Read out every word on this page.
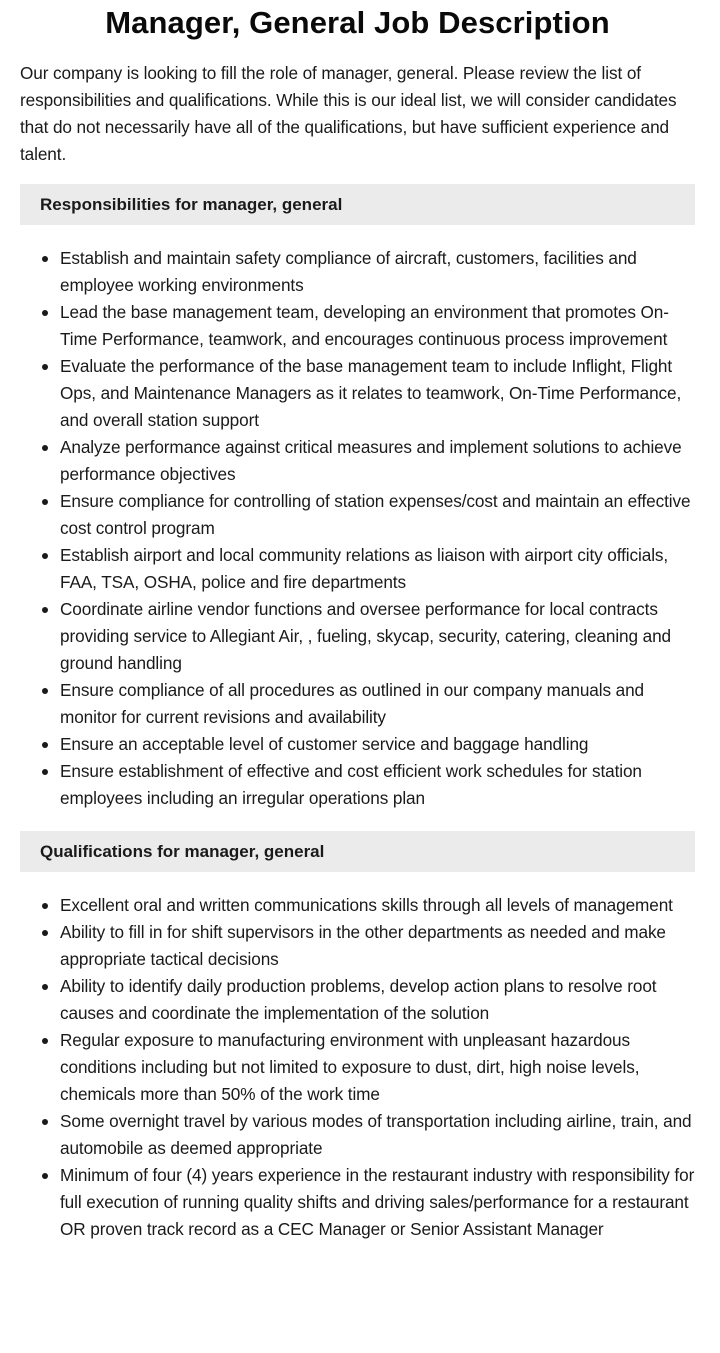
Manager, General Job Description

Our company is looking to fill the role of manager, general. Please review the list of responsibilities and qualifications. While this is our ideal list, we will consider candidates that do not necessarily have all of the qualifications, but have sufficient experience and talent.

Responsibilities for manager, general
Establish and maintain safety compliance of aircraft, customers, facilities and employee working environments
Lead the base management team, developing an environment that promotes On-Time Performance, teamwork, and encourages continuous process improvement
Evaluate the performance of the base management team to include Inflight, Flight Ops, and Maintenance Managers as it relates to teamwork, On-Time Performance, and overall station support
Analyze performance against critical measures and implement solutions to achieve performance objectives
Ensure compliance for controlling of station expenses/cost and maintain an effective cost control program
Establish airport and local community relations as liaison with airport city officials, FAA, TSA, OSHA, police and fire departments
Coordinate airline vendor functions and oversee performance for local contracts providing service to Allegiant Air, , fueling, skycap, security, catering, cleaning and ground handling
Ensure compliance of all procedures as outlined in our company manuals and monitor for current revisions and availability
Ensure an acceptable level of customer service and baggage handling
Ensure establishment of effective and cost efficient work schedules for station employees including an irregular operations plan
Qualifications for manager, general
Excellent oral and written communications skills through all levels of management
Ability to fill in for shift supervisors in the other departments as needed and make appropriate tactical decisions
Ability to identify daily production problems, develop action plans to resolve root causes and coordinate the implementation of the solution
Regular exposure to manufacturing environment with unpleasant hazardous conditions including but not limited to exposure to dust, dirt, high noise levels, chemicals more than 50% of the work time
Some overnight travel by various modes of transportation including airline, train, and automobile as deemed appropriate
Minimum of four (4) years experience in the restaurant industry with responsibility for full execution of running quality shifts and driving sales/performance for a restaurant OR proven track record as a CEC Manager or Senior Assistant Manager
